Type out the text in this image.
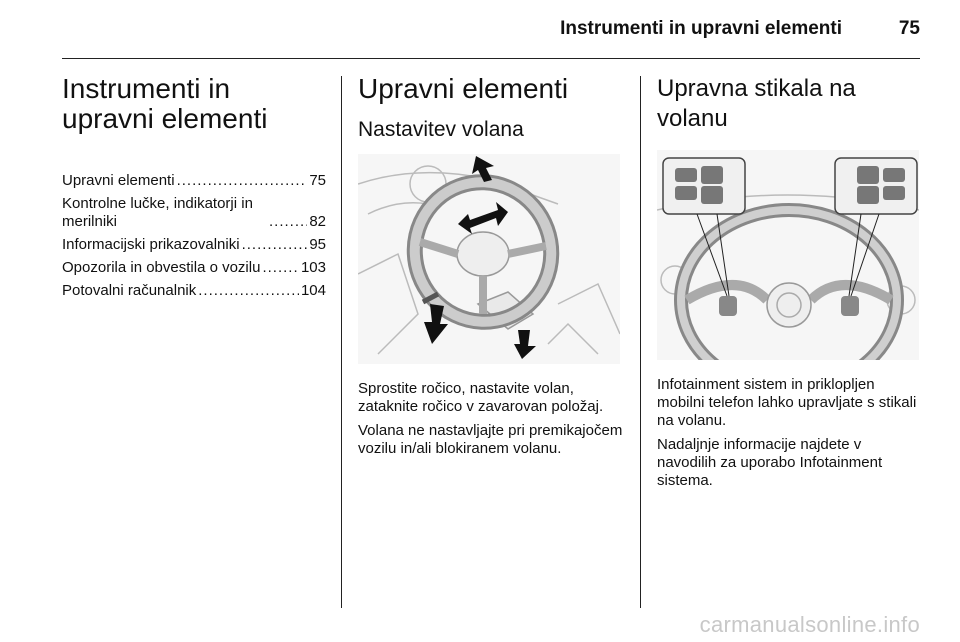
Instrumenti in upravni elementi	75
Instrumenti in upravni elementi
Upravni elementi .....	75
Kontrolne lučke, indikatorji in merilniki .....	82
Informacijski prikazovalniki .....	95
Opozorila in obvestila o vozilu .....	103
Potovalni računalnik .....	104
Upravni elementi
Nastavitev volana

Sprostite ročico, nastavite volan, zataknite ročico v zavarovan položaj.

Volana ne nastavljajte pri premikajočem vozilu in/ali blokiranem volanu.

Upravna stikala na volanu

Infotainment sistem in priklopljen mobilni telefon lahko upravljate s stikali na volanu.

Nadaljnje informacije najdete v navodilih za uporabo Infotainment sistema.

carmanualsonline.info
